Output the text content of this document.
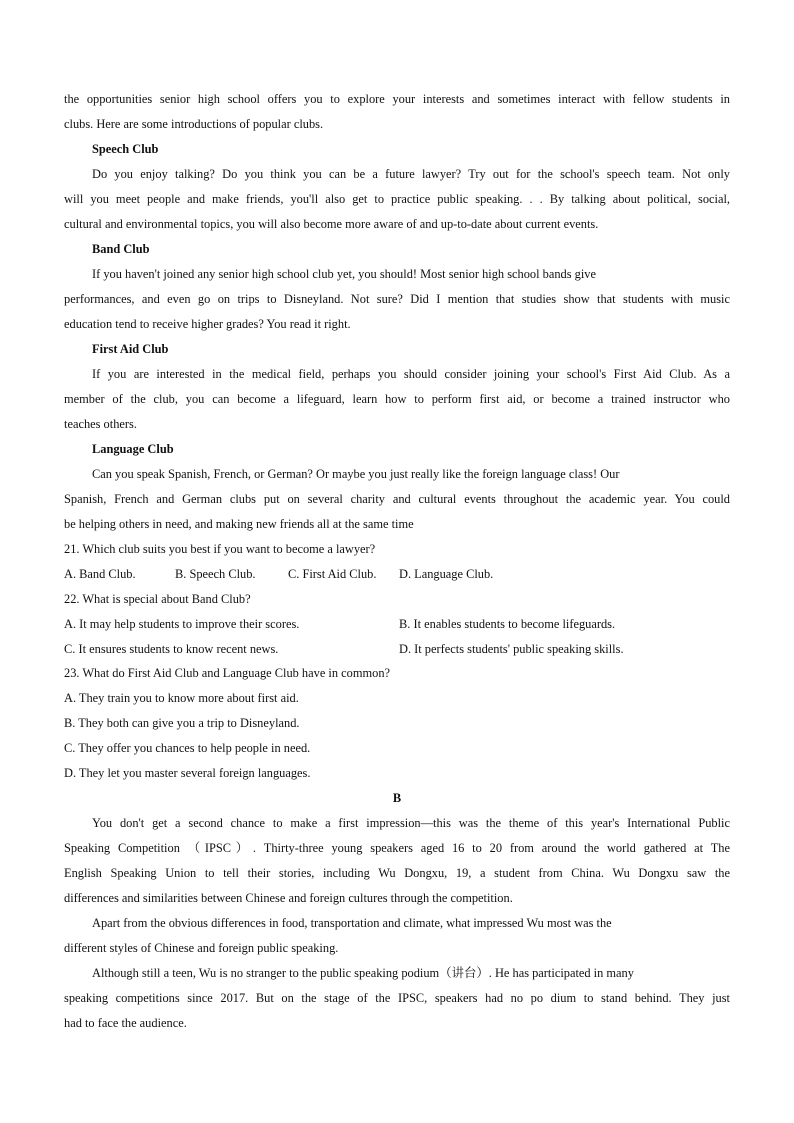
the opportunities senior high school offers you to explore your interests and sometimes interact with fellow students in
clubs. Here are some introductions of popular clubs.
Speech Club
Do you enjoy talking? Do you think you can be a future lawyer? Try out for the school's speech team. Not only
will you meet people and make friends, you'll also get to practice public speaking. . . By talking about political, social,
cultural and environmental topics, you will also become more aware of and up-to-date about current events.
Band Club
If you haven't joined any senior high school club yet, you should! Most senior high school bands give
performances, and even go on trips to Disneyland. Not sure? Did I mention that studies show that students with music
education tend to receive higher grades? You read it right.
First Aid Club
If you are interested in the medical field, perhaps you should consider joining your school's First Aid Club. As a
member of the club, you can become a lifeguard, learn how to perform first aid, or become a trained instructor who
teaches others.
Language Club
Can you speak Spanish, French, or German? Or maybe you just really like the foreign language class! Our
Spanish, French and German clubs put on several charity and cultural events throughout the academic year. You could
be helping others in need, and making new friends all at the same time
21. Which club suits you best if you want to become a lawyer?
A. Band Club.	B. Speech Club.	C. First Aid Club. D. Language Club.
22. What is special about Band Club?
A. It may help students to improve their scores.	B. It enables students to become lifeguards.
C. It ensures students to know recent news.	D. It perfects students' public speaking skills.
23. What do First Aid Club and Language Club have in common?
A. They train you to know more about first aid.
B. They both can give you a trip to Disneyland.
C. They offer you chances to help people in need.
D. They let you master several foreign languages.
B
You don't get a second chance to make a first impression—this was the theme of this year's International Public
Speaking Competition （IPSC）. Thirty-three young speakers aged 16 to 20 from around the world gathered at The
English Speaking Union to tell their stories, including Wu Dongxu, 19, a student from China. Wu Dongxu saw the
differences and similarities between Chinese and foreign cultures through the competition.
Apart from the obvious differences in food, transportation and climate, what impressed Wu most was the
different styles of Chinese and foreign public speaking.
Although still a teen, Wu is no stranger to the public speaking podium（讲台）. He has participated in many
speaking competitions since 2017. But on the stage of the IPSC, speakers had no po dium to stand behind. They just
had to face the audience.
